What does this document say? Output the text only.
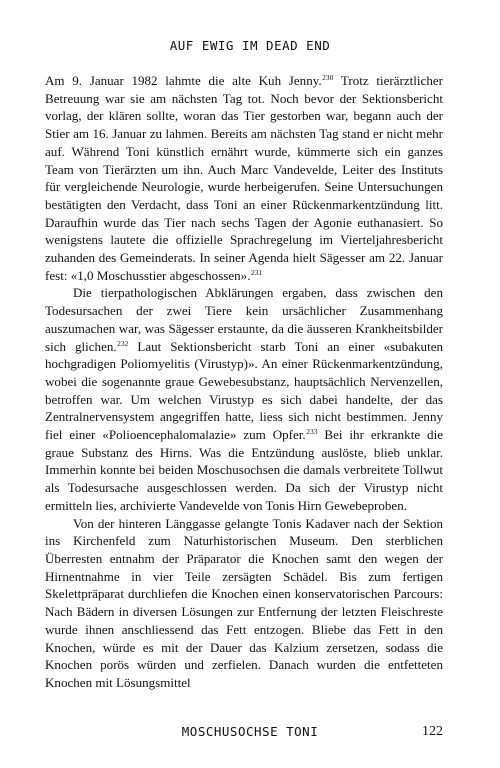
AUF EWIG IM DEAD END

Am 9. Januar 1982 lahmte die alte Kuh Jenny.$^{230}$ Trotz tierärztlicher Betreuung war sie am nächsten Tag tot. Noch bevor der Sektionsbericht vorlag, der klären sollte, woran das Tier gestorben war, begann auch der Stier am 16. Januar zu lahmen. Bereits am nächsten Tag stand er nicht mehr auf. Während Toni künstlich ernährt wurde, kümmerte sich ein ganzes Team von Tierärzten um ihn. Auch Marc Vandevelde, Leiter des Instituts für vergleichende Neurologie, wurde herbeigerufen. Seine Untersuchungen bestätigten den Verdacht, dass Toni an einer Rückenmarkentzündung litt. Daraufhin wurde das Tier nach sechs Tagen der Agonie euthanasiert. So wenigstens lautete die offizielle Sprachregelung im Vierteljahresbericht zuhanden des Gemeinderats. In seiner Agenda hielt Sägesser am 22. Januar fest: «1,0 Moschusstier abgeschossen».$^{231}$

Die tierpathologischen Abklärungen ergaben, dass zwischen den Todesursachen der zwei Tiere kein ursächlicher Zusammenhang auszumachen war, was Sägesser erstaunte, da die äusseren Krankheitsbilder sich glichen.$^{232}$ Laut Sektionsbericht starb Toni an einer «subakuten hochgradigen Poliomyelitis (Virustyp)». An einer Rückenmarkentzündung, wobei die sogenannte graue Gewebesubstanz, hauptsächlich Nervenzellen, betroffen war. Um welchen Virustyp es sich dabei handelte, der das Zentralnervensystem angegriffen hatte, liess sich nicht bestimmen. Jenny fiel einer «Polioencephalomalazie» zum Opfer.$^{233}$ Bei ihr erkrankte die graue Substanz des Hirns. Was die Entzündung auslöste, blieb unklar. Immerhin konnte bei beiden Moschusochsen die damals verbreitete Tollwut als Todesursache ausgeschlossen werden. Da sich der Virustyp nicht ermitteln lies, archivierte Vandevelde von Tonis Hirn Gewebeproben.

Von der hinteren Länggasse gelangte Tonis Kadaver nach der Sektion ins Kirchenfeld zum Naturhistorischen Museum. Den sterblichen Überresten entnahm der Präparator die Knochen samt den wegen der Hirnentnahme in vier Teile zersägten Schädel. Bis zum fertigen Skelettpräparat durchliefen die Knochen einen konservatorischen Parcours: Nach Bädern in diversen Lösungen zur Entfernung der letzten Fleischreste wurde ihnen anschliessend das Fett entzogen. Bliebe das Fett in den Knochen, würde es mit der Dauer das Kalzium zersetzen, sodass die Knochen porös würden und zerfielen. Danach wurden die entfetteten Knochen mit Lösungsmittel

MOSCHUSOCHSE TONI	122
